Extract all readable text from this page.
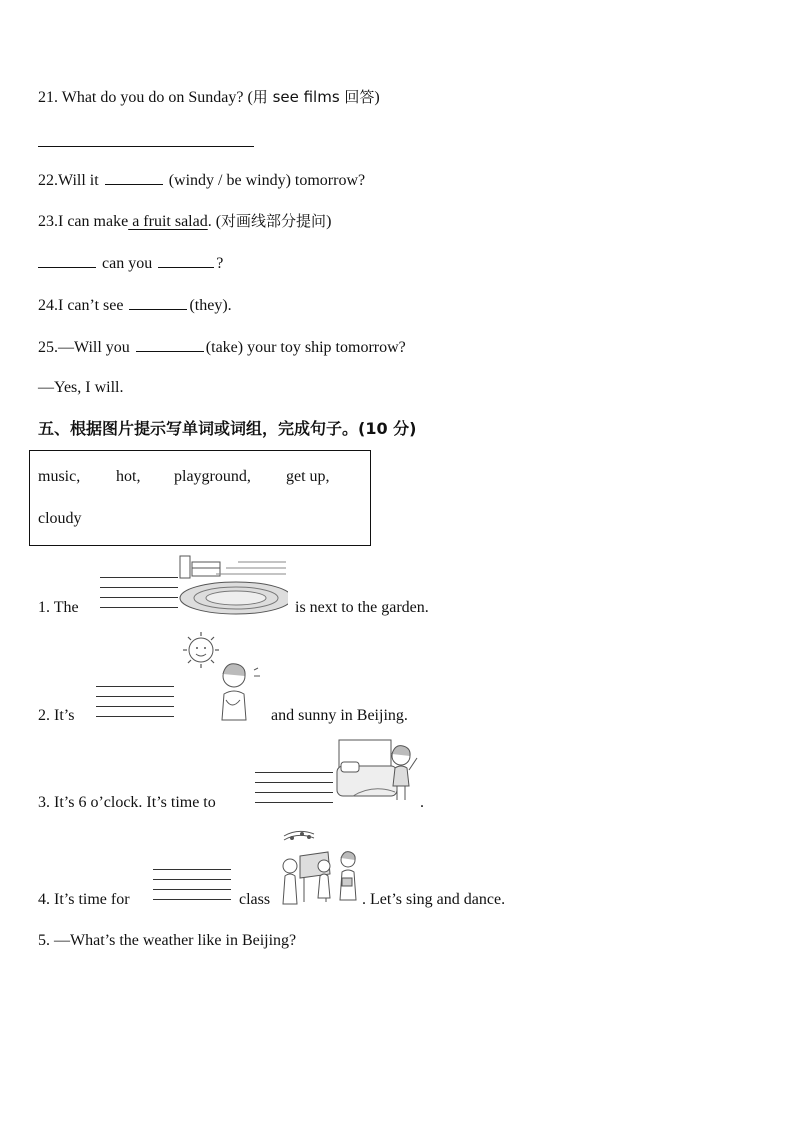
21. What do you do on Sunday? (用 see films 回答)
22.Will it	(windy / be windy) tomorrow?
23.I can make a fruit salad. (对画线部分提问)
can you	?
24.I can’t see	(they).
25.—Will you	(take) your toy ship tomorrow?
—Yes, I will.
五、根据图片提示写单词或词组，完成句子。(10 分)
music, hot, playground, get up,
cloudy
1. The	is next to the garden.
2. It’s	and sunny in Beijing.
3. It’s 6 o’clock. It’s time to	.
4. It’s time for	class	. Let’s sing and dance.
5. —What’s the weather like in Beijing?
